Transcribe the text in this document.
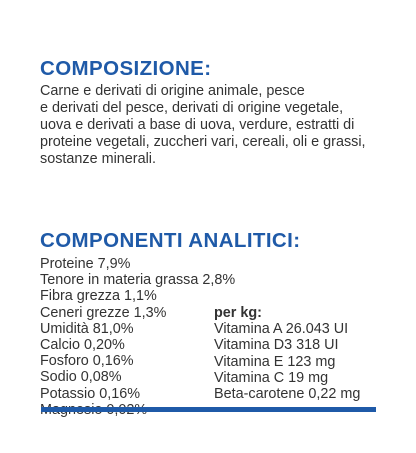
COMPOSIZIONE:

Carne e derivati di origine animale, pesce
e derivati del pesce, derivati di origine vegetale,
uova e derivati a base di uova, verdure, estratti di
proteine vegetali, zuccheri vari, cereali, oli e grassi,
sostanze minerali.

COMPONENTI ANALITICI:
Proteine 7,9%
Tenore in materia grassa 2,8%
Fibra grezza 1,1%
Ceneri grezze 1,3%
Umidità 81,0%
Calcio 0,20%
Fosforo 0,16%
Sodio 0,08%
Potassio 0,16%
per kg:
Vitamina A 26.043 UI
Vitamina D3 318 UI
Vitamina E 123 mg
Vitamina C 19 mg
Beta-carotene 0,22 mg
